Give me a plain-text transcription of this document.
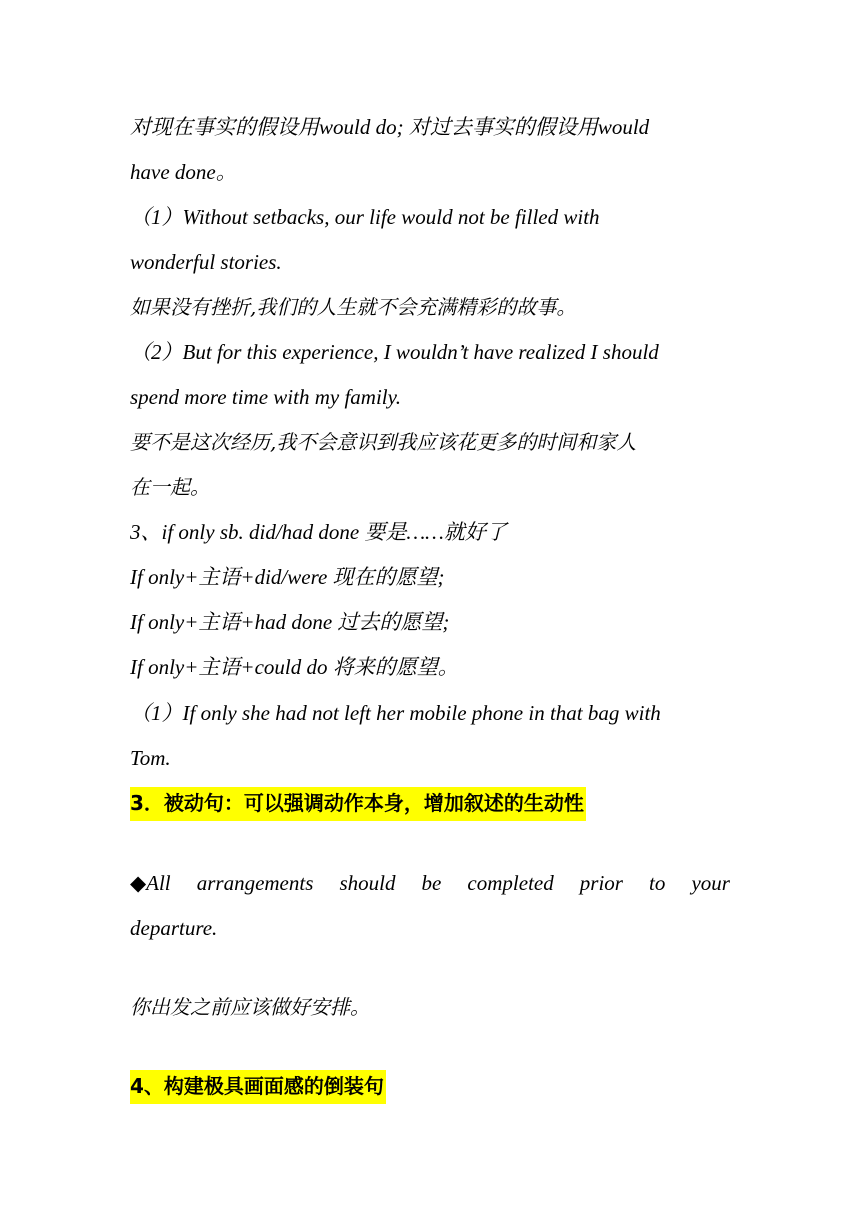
对现在事实的假设用would do; 对过去事实的假设用would
have done。
（1）Without setbacks, our life would not be filled with
wonderful stories.
如果没有挫折,我们的人生就不会充满精彩的故事。
（2）But for this experience, I wouldn’t have realized I should
spend more time with my family.
要不是这次经历,我不会意识到我应该花更多的时间和家人
在一起。
3、if only sb. did/had done 要是……就好了
If only+主语+did/were 现在的愿望;
If only+主语+had done 过去的愿望;
If only+主语+could do 将来的愿望。
（1）If only she had not left her mobile phone in that bag with
Tom.
3．被动句：可以强调动作本身，增加叙述的生动性
◆All arrangements should be completed prior to your
departure.
你出发之前应该做好安排。
4、构建极具画面感的倒装句
